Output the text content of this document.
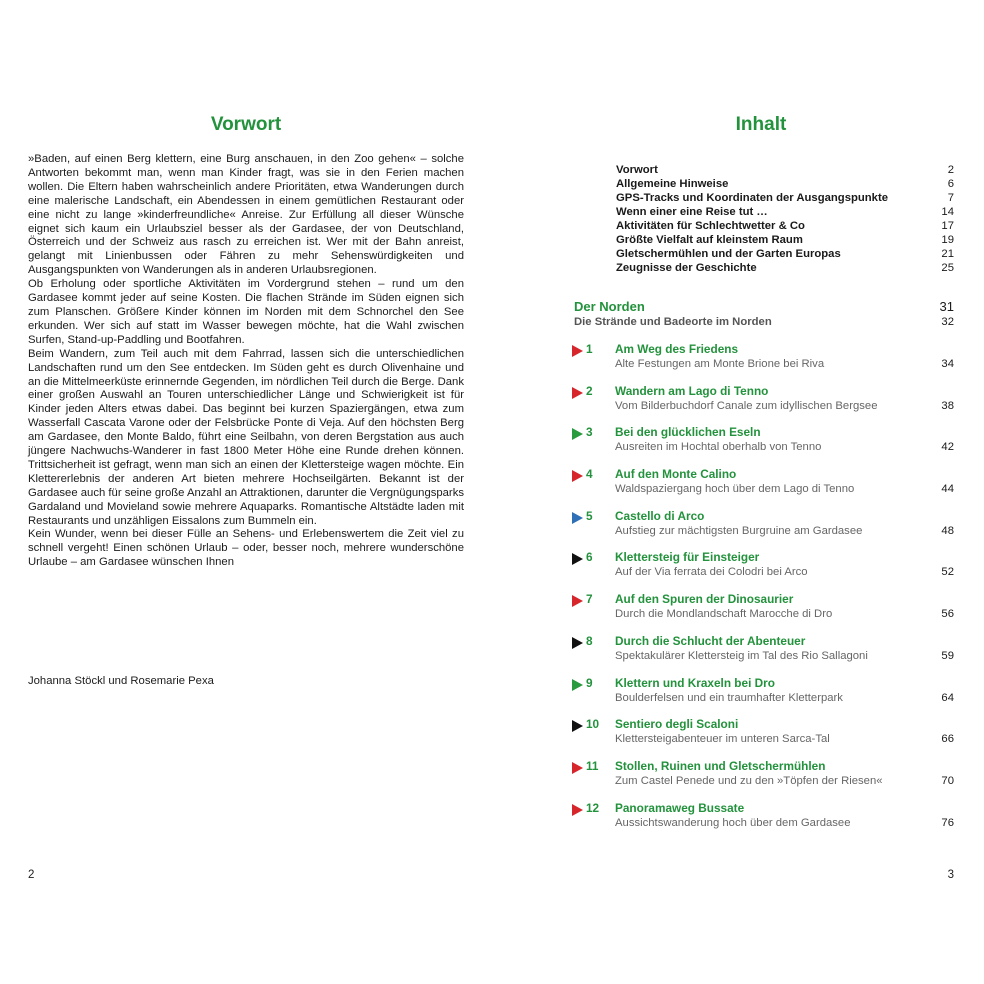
Vorwort

»Baden, auf einen Berg klettern, eine Burg anschauen, in den Zoo gehen« – solche Antworten bekommt man, wenn man Kinder fragt, was sie in den Ferien machen wollen. Die Eltern haben wahrscheinlich andere Prioritäten, etwa Wanderungen durch eine malerische Landschaft, ein Abendessen in einem gemütlichen Restaurant oder eine nicht zu lange »kinderfreundliche« Anreise. Zur Erfüllung all dieser Wünsche eignet sich kaum ein Urlaubsziel besser als der Gardasee, der von Deutschland, Österreich und der Schweiz aus rasch zu erreichen ist. Wer mit der Bahn anreist, gelangt mit Linienbussen oder Fähren zu mehr Sehenswürdigkeiten und Ausgangspunkten von Wanderungen als in anderen Urlaubsregionen.

Ob Erholung oder sportliche Aktivitäten im Vordergrund stehen – rund um den Gardasee kommt jeder auf seine Kosten. Die flachen Strände im Süden eignen sich zum Planschen. Größere Kinder können im Norden mit dem Schnorchel den See erkunden. Wer sich auf statt im Wasser bewegen möchte, hat die Wahl zwischen Surfen, Stand-up-Paddling und Bootfahren.

Beim Wandern, zum Teil auch mit dem Fahrrad, lassen sich die unterschiedlichen Landschaften rund um den See entdecken. Im Süden geht es durch Olivenhaine und an die Mittelmeerküste erinnernde Gegenden, im nördlichen Teil durch die Berge. Dank einer großen Auswahl an Touren unterschiedlicher Länge und Schwierigkeit ist für Kinder jeden Alters etwas dabei. Das beginnt bei kurzen Spaziergängen, etwa zum Wasserfall Cascata Varone oder der Felsbrücke Ponte di Veja. Auf den höchsten Berg am Gardasee, den Monte Baldo, führt eine Seilbahn, von deren Bergstation aus auch jüngere Nachwuchs-Wanderer in fast 1800 Meter Höhe eine Runde drehen können. Trittsicherheit ist gefragt, wenn man sich an einen der Klettersteige wagen möchte. Ein Klettererlebnis der anderen Art bieten mehrere Hochseilgärten. Bekannt ist der Gardasee auch für seine große Anzahl an Attraktionen, darunter die Vergnügungsparks Gardaland und Movieland sowie mehrere Aquaparks. Romantische Altstädte laden mit Restaurants und unzähligen Eissalons zum Bummeln ein.

Kein Wunder, wenn bei dieser Fülle an Sehens- und Erlebenswertem die Zeit viel zu schnell vergeht! Einen schönen Urlaub – oder, besser noch, mehrere wunderschöne Urlaube – am Gardasee wünschen Ihnen

Johanna Stöckl und Rosemarie Pexa
2
Inhalt
Vorwort	2
Allgemeine Hinweise	6
GPS-Tracks und Koordinaten der Ausgangspunkte	7
Wenn einer eine Reise tut …	14
Aktivitäten für Schlechtwetter & Co	17
Größte Vielfalt auf kleinstem Raum	19
Gletschermühlen und der Garten Europas	21
Zeugnisse der Geschichte	25
Der Norden	31
Die Strände und Badeorte im Norden	32
1	Am Weg des Friedens
Alte Festungen am Monte Brione bei Riva	34
2	Wandern am Lago di Tenno
Vom Bilderbuchdorf Canale zum idyllischen Bergsee	38
3	Bei den glücklichen Eseln
Ausreiten im Hochtal oberhalb von Tenno	42
4	Auf den Monte Calino
Waldspaziergang hoch über dem Lago di Tenno	44
5	Castello di Arco
Aufstieg zur mächtigsten Burgruine am Gardasee	48
6	Klettersteig für Einsteiger
Auf der Via ferrata dei Colodri bei Arco	52
7	Auf den Spuren der Dinosaurier
Durch die Mondlandschaft Marocche di Dro	56
8	Durch die Schlucht der Abenteuer
Spektakulärer Klettersteig im Tal des Rio Sallagoni	59
9	Klettern und Kraxeln bei Dro
Boulderfelsen und ein traumhafter Kletterpark	64
10	Sentiero degli Scaloni
Klettersteigabenteuer im unteren Sarca-Tal	66
11	Stollen, Ruinen und Gletschermühlen
Zum Castel Penede und zu den »Töpfen der Riesen«	70
12	Panoramaweg Bussate
Aussichtswanderung hoch über dem Gardasee	76
3
